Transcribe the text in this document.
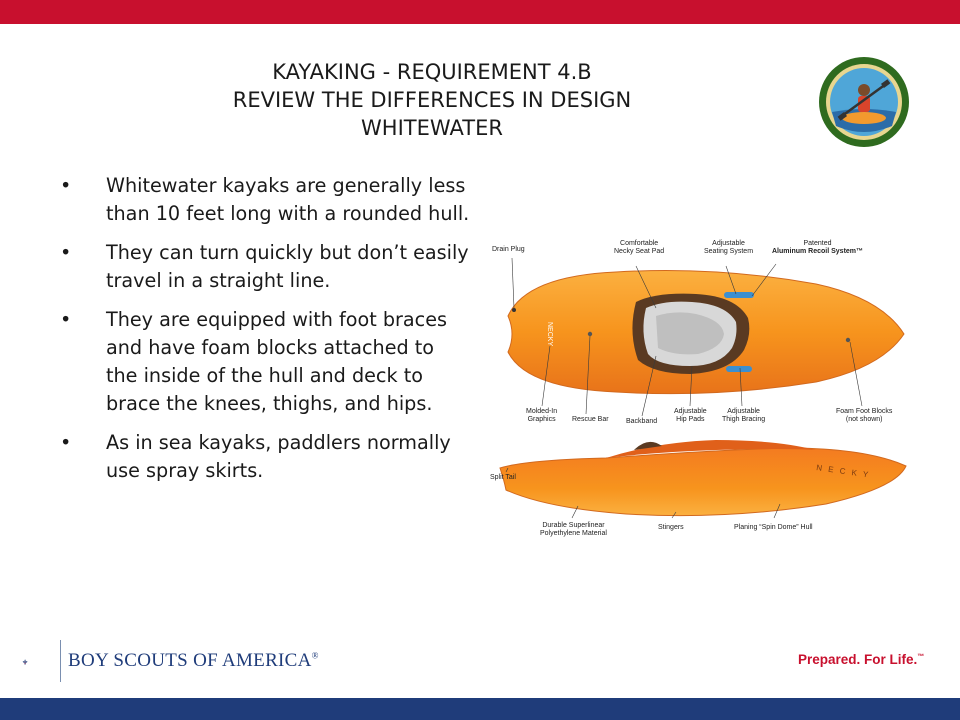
KAYAKING - REQUIREMENT 4.B
REVIEW THE DIFFERENCES IN DESIGN
WHITEWATER
• Whitewater kayaks are generally less than 10 feet long with a rounded hull.
• They can turn quickly but don’t easily travel in a straight line.
• They are equipped with foot braces and have foam blocks attached to the inside of the hull and deck to brace the knees, thighs, and hips.
• As in sea kayaks, paddlers normally use spray skirts.
NECKY
N E C K Y
Drain Plug
Comfortable
Necky Seat Pad
Adjustable
Seating System
Patented
Aluminum Recoil System™
Molded-In
Graphics Rescue Bar Backband
Adjustable
Hip Pads
Adjustable
Thigh Bracing
Foam Foot Blocks
(not shown)
Split Tail
Durable Superlinear
Polyethylene Material
Stingers	Planing “Spin Dome” Hull
BOY SCOUTS OF AMERICA®	Prepared. For Life.™
